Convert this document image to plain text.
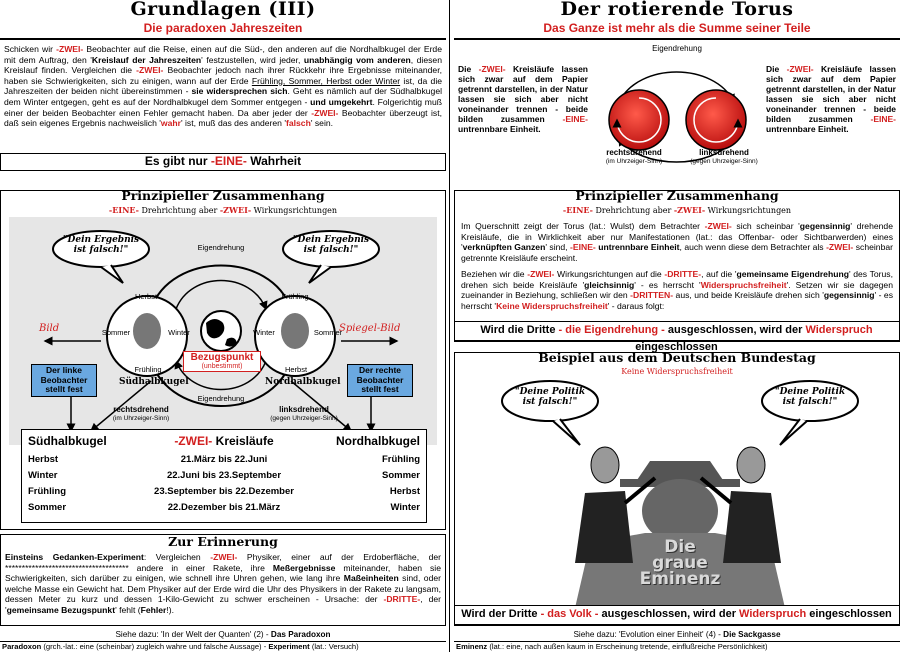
Grundlagen (III)
Die paradoxen Jahreszeiten
Schicken wir -ZWEI- Beobachter auf die Reise, einen auf die Süd-, den anderen auf die Nordhalbkugel der Erde mit dem Auftrag, den 'Kreislauf der Jahreszeiten' festzustellen, wird jeder, unabhängig vom anderen, diesen Kreislauf finden. Vergleichen die -ZWEI- Beobachter jedoch nach ihrer Rückkehr ihre Ergebnisse miteinander, haben sie Schwierigkeiten, sich zu einigen, wann auf der Erde Frühling, Sommer, Herbst oder Winter ist, da die Jahreszeiten der beiden nicht übereinstimmen - sie widersprechen sich. Geht es nämlich auf der Südhalbkugel dem Winter entgegen, geht es auf der Nordhalbkugel dem Sommer entgegen - und umgekehrt. Folgerichtig muß einer der beiden Beobachter einen Fehler gemacht haben. Da aber jeder der -ZWEI- Beobachter überzeugt ist, daß sein eigenes Ergebnis nachweislich 'wahr' ist, muß das des anderen 'falsch' sein.
Es gibt nur -EINE- Wahrheit
Prinzipieller Zusammenhang
-EINE- Drehrichtung aber -ZWEI- Wirkungsrichtungen
"Dein Ergebnis ist falsch!"
"Dein Ergebnis ist falsch!"
Eigendrehung
Herbst
Sommer	Winter
Frühling
Frühling
Winter	Sommer
Herbst
Bild	Spiegel-Bild
Südhalbkugel	Nordhalbkugel
Bezugspunkt
(unbestimmt)
Der linke Beobachter stellt fest
Der rechte Beobachter stellt fest
Eigendrehung
rechtsdrehend
(im Uhrzeiger-Sinn)
linksdrehend
(gegen Uhrzeiger-Sinn)
Südhalbkugel	-ZWEI- Kreisläufe	Nordhalbkugel
Herbst	21.März bis 22.Juni	Frühling
Winter	22.Juni bis 23.September	Sommer
Frühling	23.September bis 22.Dezember	Herbst
Sommer	22.Dezember bis 21.März	Winter
Zur Erinnerung
Einsteins Gedanken-Experiment: Vergleichen -ZWEI- Physiker, einer auf der Erdoberfläche, der ************************************* andere in einer Rakete, ihre Meßergebnisse miteinander, haben sie Schwierigkeiten, sich darüber zu einigen, wie schnell ihre Uhren gehen, wie lang ihre Maßeinheiten sind, oder welche Masse ein Gewicht hat. Dem Physiker auf der Erde wird die Uhr des Physikers in der Rakete zu langsam, dessen Meter zu kurz und dessen 1-Kilo-Gewicht zu schwer erscheinen - Ursache: der -DRITTE-, der 'gemeinsame Bezugspunkt' fehlt (Fehler!).
Siehe dazu: 'In der Welt der Quanten' (2) - Das Paradoxon
Paradoxon (grch.-lat.: eine (scheinbar) zugleich wahre und falsche Aussage) - Experiment (lat.: Versuch)
Der rotierende Torus
Das Ganze ist mehr als die Summe seiner Teile
Eigendrehung
rechtsdrehend
(im Uhrzeiger-Sinn)
linksdrehend
(gegen Uhrzeiger-Sinn)
Die -ZWEI- Kreisläufe lassen sich zwar auf dem Papier getrennt darstellen, in der Natur lassen sie sich aber nicht voneinander trennen - beide bilden zusammen -EINE- untrennbare Einheit.
Die -ZWEI- Kreisläufe lassen sich zwar auf dem Papier getrennt darstellen, in der Natur lassen sie sich aber nicht voneinander trennen - beide bilden zusammen -EINE- untrennbare Einheit.
Prinzipieller Zusammenhang
-EINE- Drehrichtung aber -ZWEI- Wirkungsrichtungen
Im Querschnitt zeigt der Torus (lat.: Wulst) dem Betrachter -ZWEI- sich scheinbar 'gegensinnig' drehende Kreisläufe, die in Wirklichkeit aber nur Manifestationen (lat.: das Offenbar- oder Sichtbarwerden) eines 'verknüpften Ganzen' sind, -EINE- untrennbare Einheit, auch wenn diese dem Betrachter als -ZWEI- scheinbar getrennte Kreisläufe erscheint.
Beziehen wir die -ZWEI- Wirkungsrichtungen auf die -DRITTE-, auf die 'gemeinsame Eigendrehung' des Torus, drehen sich beide Kreisläufe 'gleichsinnig' - es herrscht 'Widerspruchsfreiheit'. Setzen wir sie dagegen zueinander in Beziehung, schließen wir den -DRITTEN- aus, und beide Kreisläufe drehen sich 'gegensinnig' - es herrscht 'Keine Widerspruchsfreiheit' - daraus folgt:
Wird die Dritte - die Eigendrehung - ausgeschlossen, wird der Widerspruch eingeschlossen
Beispiel aus dem Deutschen Bundestag
Keine Widerspruchsfreiheit
"Deine Politik ist falsch!"
"Deine Politik ist falsch!"
Die
graue
Eminenz
Wird der Dritte - das Volk - ausgeschlossen, wird der Widerspruch eingeschlossen
Siehe dazu: 'Evolution einer Einheit' (4) - Die Sackgasse
Eminenz (lat.: eine, nach außen kaum in Erscheinung tretende, einflußreiche Persönlichkeit)
